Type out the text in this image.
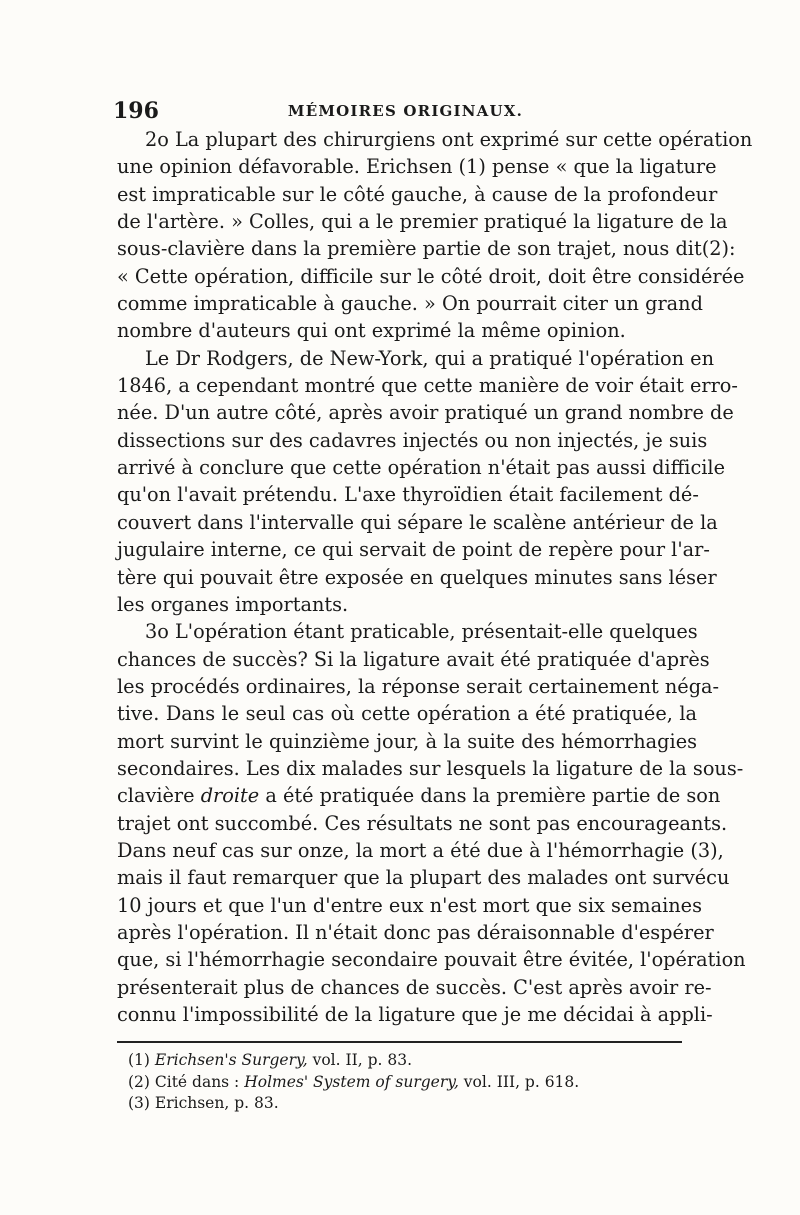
196	MÉMOIRES ORIGINAUX.
2o La plupart des chirurgiens ont exprimé sur cette opération
une opinion défavorable. Erichsen (1) pense « que la ligature
est impraticable sur le côté gauche, à cause de la profondeur
de l'artère. » Colles, qui a le premier pratiqué la ligature de la
sous-clavière dans la première partie de son trajet, nous dit(2):
« Cette opération, difficile sur le côté droit, doit être considérée
comme impraticable à gauche. » On pourrait citer un grand
nombre d'auteurs qui ont exprimé la même opinion.
Le Dr Rodgers, de New-York, qui a pratiqué l'opération en
1846, a cependant montré que cette manière de voir était erro-
née. D'un autre côté, après avoir pratiqué un grand nombre de
dissections sur des cadavres injectés ou non injectés, je suis
arrivé à conclure que cette opération n'était pas aussi difficile
qu'on l'avait prétendu. L'axe thyroïdien était facilement dé-
couvert dans l'intervalle qui sépare le scalène antérieur de la
jugulaire interne, ce qui servait de point de repère pour l'ar-
tère qui pouvait être exposée en quelques minutes sans léser
les organes importants.
3o L'opération étant praticable, présentait-elle quelques
chances de succès? Si la ligature avait été pratiquée d'après
les procédés ordinaires, la réponse serait certainement néga-
tive. Dans le seul cas où cette opération a été pratiquée, la
mort survint le quinzième jour, à la suite des hémorrhagies
secondaires. Les dix malades sur lesquels la ligature de la sous-
clavière droite a été pratiquée dans la première partie de son
trajet ont succombé. Ces résultats ne sont pas encourageants.
Dans neuf cas sur onze, la mort a été due à l'hémorrhagie (3),
mais il faut remarquer que la plupart des malades ont survécu
10 jours et que l'un d'entre eux n'est mort que six semaines
après l'opération. Il n'était donc pas déraisonnable d'espérer
que, si l'hémorrhagie secondaire pouvait être évitée, l'opération
présenterait plus de chances de succès. C'est après avoir re-
connu l'impossibilité de la ligature que je me décidai à appli-
(1) Erichsen's Surgery, vol. II, p. 83.
(2) Cité dans : Holmes' System of surgery, vol. III, p. 618.
(3) Erichsen, p. 83.
